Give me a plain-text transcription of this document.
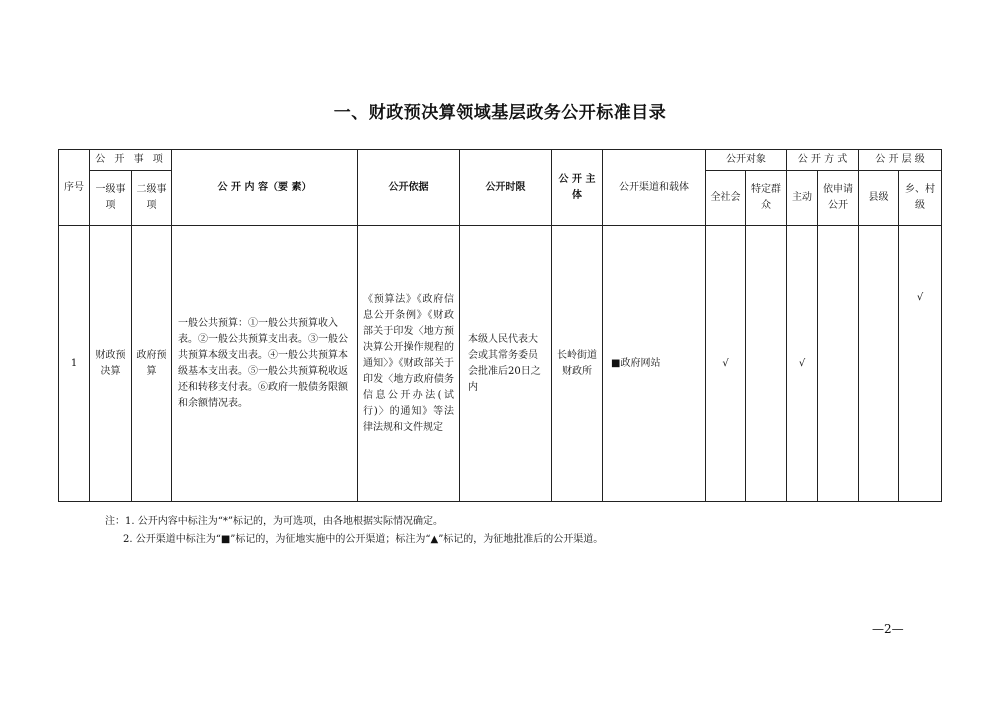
一、财政预决算领域基层政务公开标准目录
序号	公 开 事 项		公 开 内 容（要 素）	公开依据	公开时限	公 开 主 体	公开渠道和载体	公开对象		公 开 方 式		公 开 层 级	
	一级事项	二级事项						全社会	特定群众	主动	依申请公开	县级	乡、村级
1	财政预决算	政府预算	一般公共预算：①一般公共预算收入表。②一般公共预算支出表。③一般公共预算本级支出表。④一般公共预算本级基本支出表。⑤一般公共预算税收返还和转移支付表。⑥政府一般债务限额和余额情况表。	《预算法》《政府信息公开条例》《财政部关于印发〈地方预决算公开操作规程的通知〉》《财政部关于印发〈地方政府债务信息公开办法(试行)〉的通知》等法律法规和文件规定	本级人民代表大会或其常务委员会批准后20日之内	长岭街道财政所	■政府网站	√		√			√
注：1. 公开内容中标注为“*”标记的，为可选项，由各地根据实际情况确定。
2. 公开渠道中标注为“■”标记的，为征地实施中的公开渠道；标注为“▲”标记的，为征地批准后的公开渠道。
—2—
